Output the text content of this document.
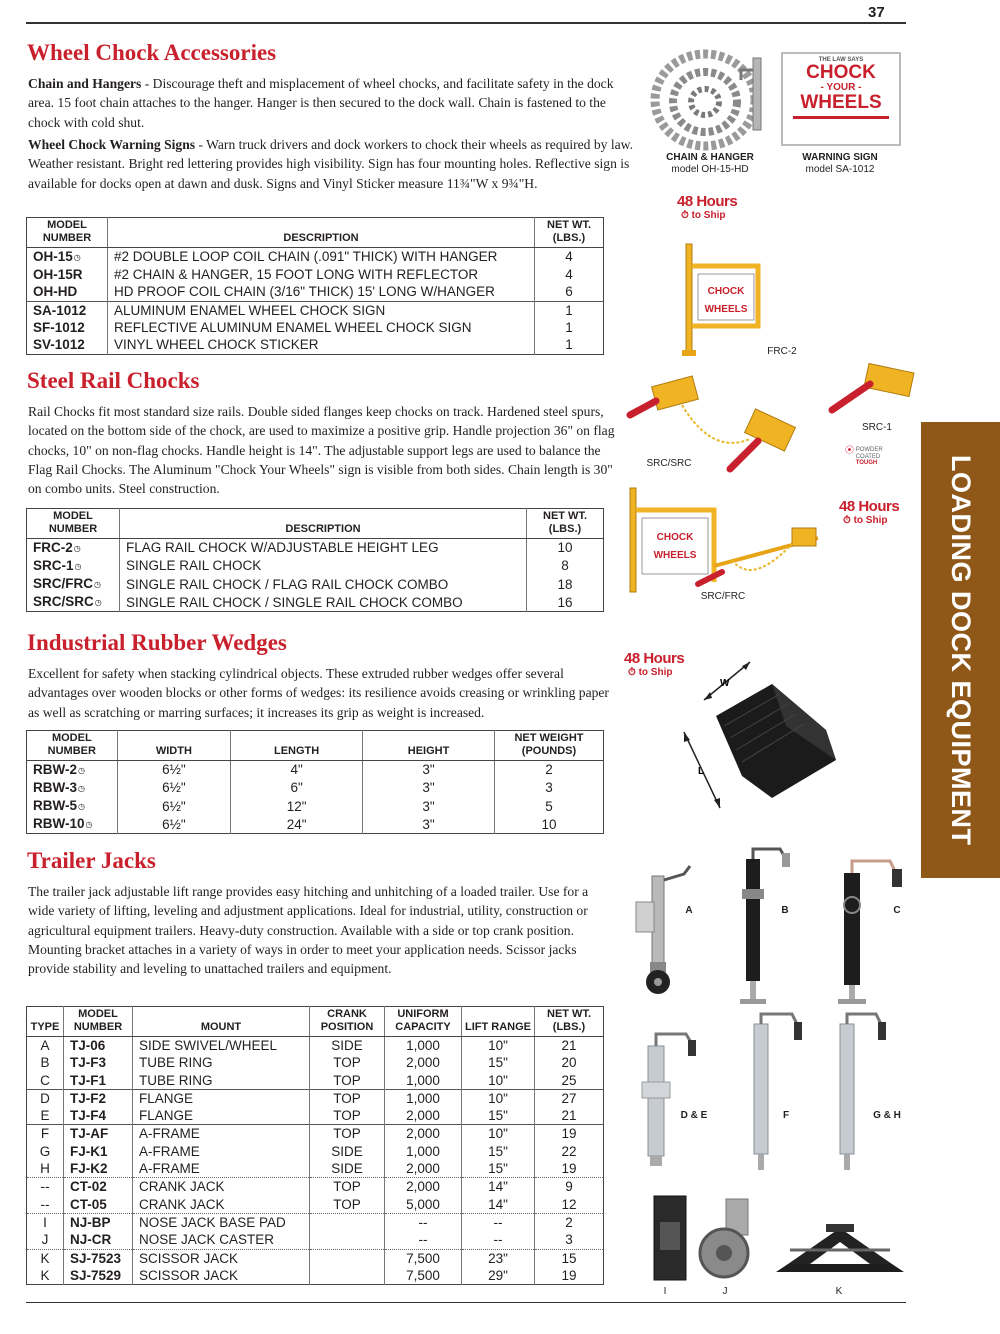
37
Wheel Chock Accessories

Chain and Hangers - Discourage theft and misplacement of wheel chocks, and facilitate safety in the dock area. 15 foot chain attaches to the hanger. Hanger is then secured to the dock wall. Chain is fastened to the chock with cold shut.

Wheel Chock Warning Signs - Warn truck drivers and dock workers to chock their wheels as required by law. Weather resistant. Bright red lettering provides high visibility. Sign has four mounting holes. Reflective sign is available for docks open at dawn and dusk. Signs and Vinyl Sticker measure 11¾"W x 9¾"H.

MODEL NUMBER	DESCRIPTION	NET WT. (LBS.)
OH-15◷	#2 DOUBLE LOOP COIL CHAIN (.091" THICK) WITH HANGER	4
OH-15R	#2 CHAIN & HANGER, 15 FOOT LONG WITH REFLECTOR	4
OH-HD	HD PROOF COIL CHAIN (3/16" THICK) 15' LONG W/HANGER	6
SA-1012	ALUMINUM ENAMEL WHEEL CHOCK SIGN	1
SF-1012	REFLECTIVE ALUMINUM ENAMEL WHEEL CHOCK SIGN	1
SV-1012	VINYL WHEEL CHOCK STICKER	1
CHAIN & HANGER
model OH-15-HD
THE LAW SAYS
CHOCK
- YOUR -
WHEELS
WARNING SIGN
model SA-1012
48 Hours
⏱ to Ship
CHOCK
WHEELS
FRC-2
Steel Rail Chocks

Rail Chocks fit most standard size rails. Double sided flanges keep chocks on track. Hardened steel spurs, located on the bottom side of the chock, are used to maximize a positive grip. Handle projection 36" on flag chocks, 10" on non-flag chocks. Handle height is 14". The adjustable support legs are used to balance the Flag Rail Chocks. The Aluminum "Chock Your Wheels" sign is visible from both sides. Chain length is 30" on combo units. Steel construction.

MODEL NUMBER	DESCRIPTION	NET WT. (LBS.)
FRC-2◷	FLAG RAIL CHOCK W/ADJUSTABLE HEIGHT LEG	10
SRC-1◷	SINGLE RAIL CHOCK	8
SRC/FRC◷	SINGLE RAIL CHOCK / FLAG RAIL CHOCK COMBO	18
SRC/SRC◷	SINGLE RAIL CHOCK / SINGLE RAIL CHOCK COMBO	16
SRC/SRC
SRC-1
⦿ POWDER
COATED
TOUGH
48 Hours
⏱ to Ship
CHOCK
WHEELS
SRC/FRC	LOADING DOCK EQUIPMENT
Industrial Rubber Wedges

Excellent for safety when stacking cylindrical objects. These extruded rubber wedges offer several advantages over wooden blocks or other forms of wedges: its resilience avoids creasing or wrinkling paper as well as scratching or marring surfaces; it increases its grip as weight is increased.

MODEL NUMBER	WIDTH	LENGTH	HEIGHT	NET WEIGHT (POUNDS)
RBW-2◷	6½"	4"	3"	2
RBW-3◷	6½"	6"	3"	3
RBW-5◷	6½"	12"	3"	5
RBW-10◷	6½"	24"	3"	10
48 Hours
⏱ to Ship
W
L
Trailer Jacks

The trailer jack adjustable lift range provides easy hitching and unhitching of a loaded trailer. Use for a wide variety of lifting, leveling and adjustment applications. Ideal for industrial, utility, construction or agricultural equipment trailers. Heavy-duty construction. Available with a side or top crank position. Mounting bracket attaches in a variety of ways in order to meet your application needs. Scissor jacks provide stability and leveling to unattached trailers and equipment.

TYPE	MODEL NUMBER	MOUNT	CRANK POSITION	UNIFORM CAPACITY	LIFT RANGE	NET WT. (LBS.)
A	TJ-06	SIDE SWIVEL/WHEEL	SIDE	1,000	10"	21
B	TJ-F3	TUBE RING	TOP	2,000	15"	20
C	TJ-F1	TUBE RING	TOP	1,000	10"	25
D	TJ-F2	FLANGE	TOP	1,000	10"	27
E	TJ-F4	FLANGE	TOP	2,000	15"	21
F	TJ-AF	A-FRAME	TOP	2,000	10"	19
G	FJ-K1	A-FRAME	SIDE	1,000	15"	22
H	FJ-K2	A-FRAME	SIDE	2,000	15"	19
--	CT-02	CRANK JACK	TOP	2,000	14"	9
--	CT-05	CRANK JACK	TOP	5,000	14"	12
I	NJ-BP	NOSE JACK BASE PAD		--	--	2
J	NJ-CR	NOSE JACK CASTER		--	--	3
K	SJ-7523	SCISSOR JACK		7,500	23"	15
K	SJ-7529	SCISSOR JACK		7,500	29"	19
A	B	C
D & E	F	G & H
I	J	K
